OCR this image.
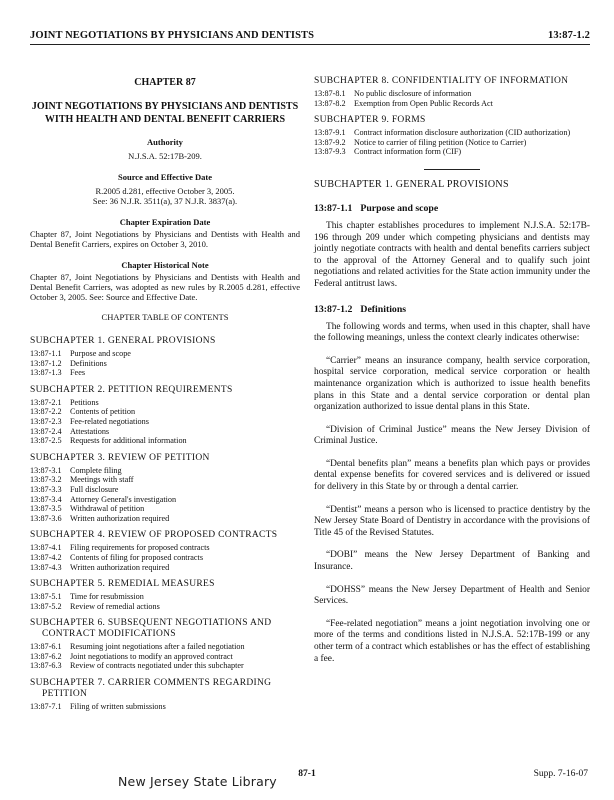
JOINT NEGOTIATIONS BY PHYSICIANS AND DENTISTS	13:87-1.2
CHAPTER 87
JOINT NEGOTIATIONS BY PHYSICIANS AND DENTISTS WITH HEALTH AND DENTAL BENEFIT CARRIERS
Authority
N.J.S.A. 52:17B-209.
Source and Effective Date
R.2005 d.281, effective October 3, 2005.
See: 36 N.J.R. 3511(a), 37 N.J.R. 3837(a).
Chapter Expiration Date
Chapter 87, Joint Negotiations by Physicians and Dentists with Health and Dental Benefit Carriers, expires on October 3, 2010.
Chapter Historical Note
Chapter 87, Joint Negotiations by Physicians and Dentists with Health and Dental Benefit Carriers, was adopted as new rules by R.2005 d.281, effective October 3, 2005. See: Source and Effective Date.
CHAPTER TABLE OF CONTENTS
SUBCHAPTER 1. GENERAL PROVISIONS
13:87-1.1	Purpose and scope
13:87-1.2	Definitions
13:87-1.3	Fees
SUBCHAPTER 2. PETITION REQUIREMENTS
13:87-2.1	Petitions
13:87-2.2	Contents of petition
13:87-2.3	Fee-related negotiations
13:87-2.4	Attestations
13:87-2.5	Requests for additional information
SUBCHAPTER 3. REVIEW OF PETITION
13:87-3.1	Complete filing
13:87-3.2	Meetings with staff
13:87-3.3	Full disclosure
13:87-3.4	Attorney General's investigation
13:87-3.5	Withdrawal of petition
13:87-3.6	Written authorization required
SUBCHAPTER 4. REVIEW OF PROPOSED CONTRACTS
13:87-4.1	Filing requirements for proposed contracts
13:87-4.2	Contents of filing for proposed contracts
13:87-4.3	Written authorization required
SUBCHAPTER 5. REMEDIAL MEASURES
13:87-5.1	Time for resubmission
13:87-5.2	Review of remedial actions
SUBCHAPTER 6. SUBSEQUENT NEGOTIATIONS AND
CONTRACT MODIFICATIONS
13:87-6.1	Resuming joint negotiations after a failed negotiation
13:87-6.2	Joint negotiations to modify an approved contract
13:87-6.3	Review of contracts negotiated under this subchapter
SUBCHAPTER 7. CARRIER COMMENTS REGARDING
PETITION
13:87-7.1	Filing of written submissions
SUBCHAPTER 8. CONFIDENTIALITY OF INFORMATION
13:87-8.1	No public disclosure of information
13:87-8.2	Exemption from Open Public Records Act
SUBCHAPTER 9. FORMS
13:87-9.1	Contract information disclosure authorization (CID authorization)
13:87-9.2	Notice to carrier of filing petition (Notice to Carrier)
13:87-9.3	Contract information form (CIF)
SUBCHAPTER 1. GENERAL PROVISIONS
13:87-1.1 Purpose and scope
This chapter establishes procedures to implement N.J.S.A. 52:17B-196 through 209 under which competing physicians and dentists may jointly negotiate contracts with health and dental benefits carriers subject to the approval of the Attorney General and to qualify such joint negotiations and related activities for the State action immunity under the Federal antitrust laws.
13:87-1.2 Definitions
The following words and terms, when used in this chapter, shall have the following meanings, unless the context clearly indicates otherwise:
“Carrier” means an insurance company, health service corporation, hospital service corporation, medical service corporation or health maintenance organization which is authorized to issue health benefits plans in this State and a dental service corporation or dental plan organization authorized to issue dental plans in this State.
“Division of Criminal Justice” means the New Jersey Division of Criminal Justice.
“Dental benefits plan” means a benefits plan which pays or provides dental expense benefits for covered services and is delivered or issued for delivery in this State by or through a dental carrier.
“Dentist” means a person who is licensed to practice dentistry by the New Jersey State Board of Dentistry in accordance with the provisions of Title 45 of the Revised Statutes.
“DOBI” means the New Jersey Department of Banking and Insurance.
“DOHSS” means the New Jersey Department of Health and Senior Services.
“Fee-related negotiation” means a joint negotiation involving one or more of the terms and conditions listed in N.J.S.A. 52:17B-199 or any other term of a contract which establishes or has the effect of establishing a fee.
87-1	Supp. 7-16-07
New Jersey State Library
